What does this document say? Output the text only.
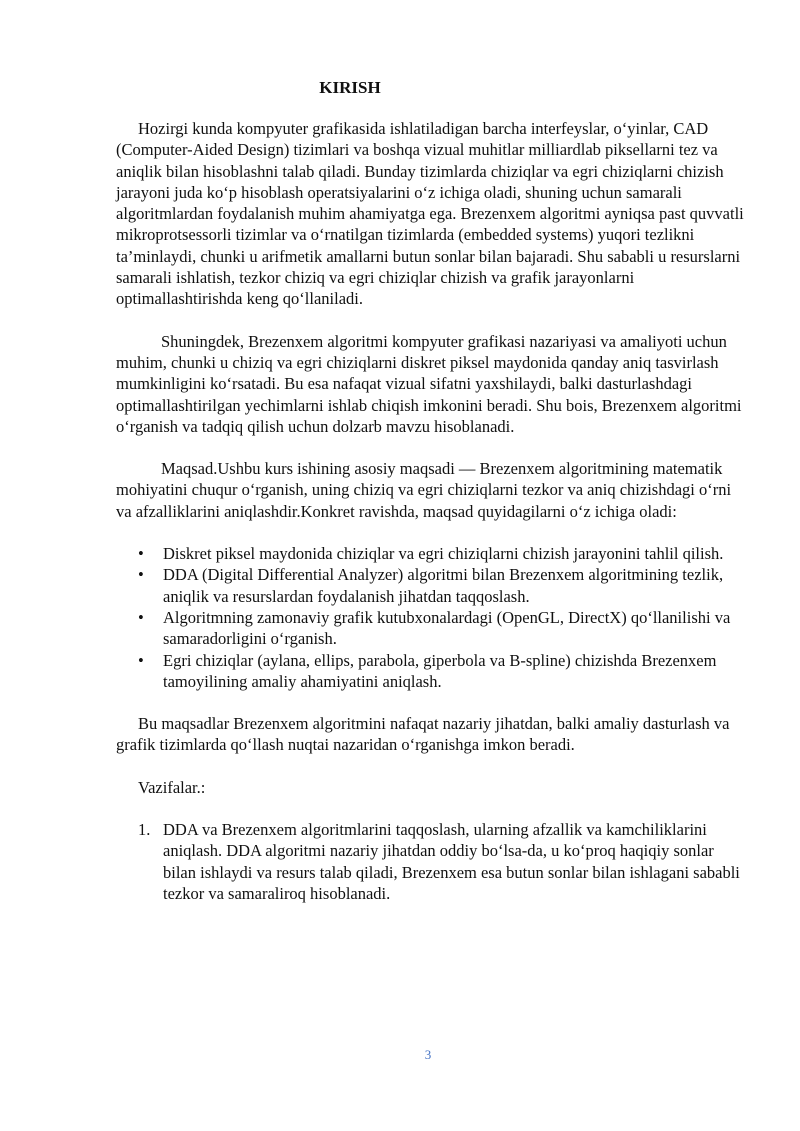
KIRISH

Hozirgi kunda kompyuter grafikasida ishlatiladigan barcha interfeyslar, o‘yinlar, CAD (Computer-Aided Design) tizimlari va boshqa vizual muhitlar milliardlab piksellarni tez va aniqlik bilan hisoblashni talab qiladi. Bunday tizimlarda chiziqlar va egri chiziqlarni chizish jarayoni juda ko‘p hisoblash operatsiyalarini o‘z ichiga oladi, shuning uchun samarali algoritmlardan foydalanish muhim ahamiyatga ega. Brezenxem algoritmi ayniqsa past quvvatli mikroprotsessorli tizimlar va o‘rnatilgan tizimlarda (embedded systems) yuqori tezlikni ta’minlaydi, chunki u arifmetik amallarni butun sonlar bilan bajaradi. Shu sababli u resurslarni samarali ishlatish, tezkor chiziq va egri chiziqlar chizish va grafik jarayonlarni optimallashtirishda keng qo‘llaniladi.

Shuningdek, Brezenxem algoritmi kompyuter grafikasi nazariyasi va amaliyoti uchun muhim, chunki u chiziq va egri chiziqlarni diskret piksel maydonida qanday aniq tasvirlash mumkinligini ko‘rsatadi. Bu esa nafaqat vizual sifatni yaxshilaydi, balki dasturlashdagi optimallashtirilgan yechimlarni ishlab chiqish imkonini beradi. Shu bois, Brezenxem algoritmi o‘rganish va tadqiq qilish uchun dolzarb mavzu hisoblanadi.

Maqsad.Ushbu kurs ishining asosiy maqsadi — Brezenxem algoritmining matematik mohiyatini chuqur o‘rganish, uning chiziq va egri chiziqlarni tezkor va aniq chizishdagi o‘rni va afzalliklarini aniqlashdir.Konkret ravishda, maqsad quyidagilarni o‘z ichiga oladi:

• Diskret piksel maydonida chiziqlar va egri chiziqlarni chizish jarayonini tahlil qilish.
• DDA (Digital Differential Analyzer) algoritmi bilan Brezenxem algoritmining tezlik, aniqlik va resurslardan foydalanish jihatdan taqqoslash.
• Algoritmning zamonaviy grafik kutubxonalardagi (OpenGL, DirectX) qo‘llanilishi va samaradorligini o‘rganish.
• Egri chiziqlar (aylana, ellips, parabola, giperbola va B-spline) chizishda Brezenxem tamoyilining amaliy ahamiyatini aniqlash.

Bu maqsadlar Brezenxem algoritmini nafaqat nazariy jihatdan, balki amaliy dasturlash va grafik tizimlarda qo‘llash nuqtai nazaridan o‘rganishga imkon beradi.

Vazifalar.:

1. DDA va Brezenxem algoritmlarini taqqoslash, ularning afzallik va kamchiliklarini aniqlash. DDA algoritmi nazariy jihatdan oddiy bo‘lsa-da, u ko‘proq haqiqiy sonlar bilan ishlaydi va resurs talab qiladi, Brezenxem esa butun sonlar bilan ishlagani sababli tezkor va samaraliroq hisoblanadi.
3
